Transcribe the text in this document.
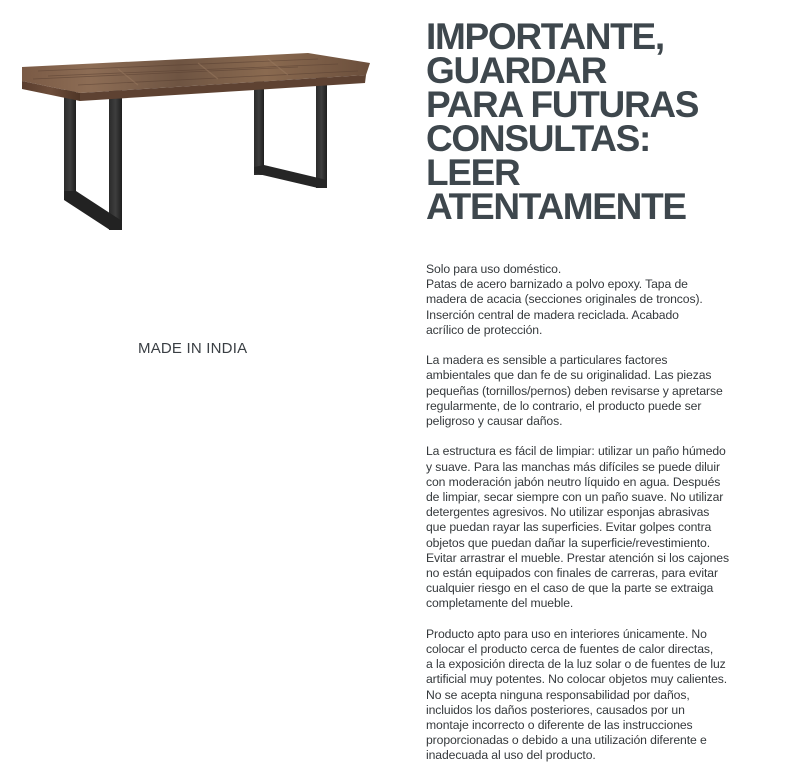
MADE IN INDIA

IMPORTANTE,
GUARDAR
PARA FUTURAS
CONSULTAS:
LEER
ATENTAMENTE

Solo para uso doméstico.
Patas de acero barnizado a polvo epoxy. Tapa de
madera de acacia (secciones originales de troncos).
Inserción central de madera reciclada. Acabado
acrílico de protección.

La madera es sensible a particulares factores
ambientales que dan fe de su originalidad. Las piezas
pequeñas (tornillos/pernos) deben revisarse y apretarse
regularmente, de lo contrario, el producto puede ser
peligroso y causar daños.

La estructura es fácil de limpiar: utilizar un paño húmedo
y suave. Para las manchas más difíciles se puede diluir
con moderación jabón neutro líquido en agua. Después
de limpiar, secar siempre con un paño suave. No utilizar
detergentes agresivos. No utilizar esponjas abrasivas
que puedan rayar las superficies. Evitar golpes contra
objetos que puedan dañar la superficie/revestimiento.
Evitar arrastrar el mueble. Prestar atención si los cajones
no están equipados con finales de carreras, para evitar
cualquier riesgo en el caso de que la parte se extraiga
completamente del mueble.

Producto apto para uso en interiores únicamente. No
colocar el producto cerca de fuentes de calor directas,
a la exposición directa de la luz solar o de fuentes de luz
artificial muy potentes. No colocar objetos muy calientes.
No se acepta ninguna responsabilidad por daños,
incluidos los daños posteriores, causados por un
montaje incorrecto o diferente de las instrucciones
proporcionadas o debido a una utilización diferente e
inadecuada al uso del producto.
